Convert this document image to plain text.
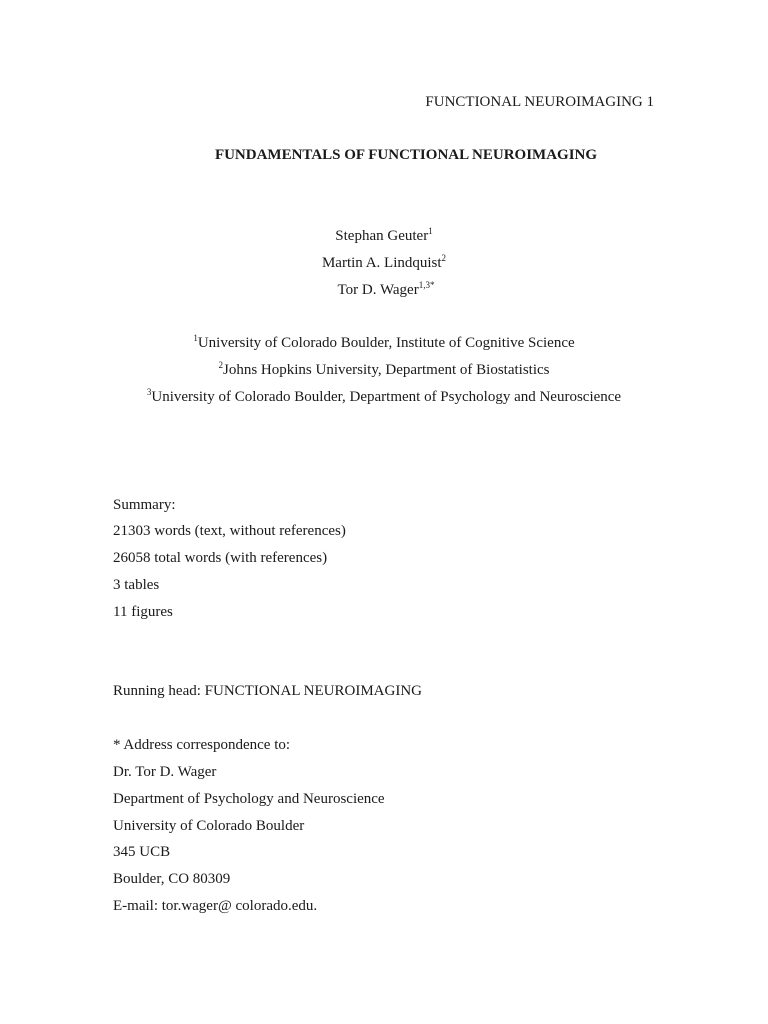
FUNCTIONAL NEUROIMAGING 1
FUNDAMENTALS OF FUNCTIONAL NEUROIMAGING
Stephan Geuter$^1$
Martin A. Lindquist$^2$
Tor D. Wager$^{1,3*}$
$^1$University of Colorado Boulder, Institute of Cognitive Science
$^2$Johns Hopkins University, Department of Biostatistics
$^3$University of Colorado Boulder, Department of Psychology and Neuroscience
Summary:
21303 words (text, without references)
26058 total words (with references)
3 tables
11 figures
Running head: FUNCTIONAL NEUROIMAGING
* Address correspondence to:
Dr. Tor D. Wager
Department of Psychology and Neuroscience
University of Colorado Boulder
345 UCB
Boulder, CO 80309
E-mail: tor.wager@ colorado.edu.
